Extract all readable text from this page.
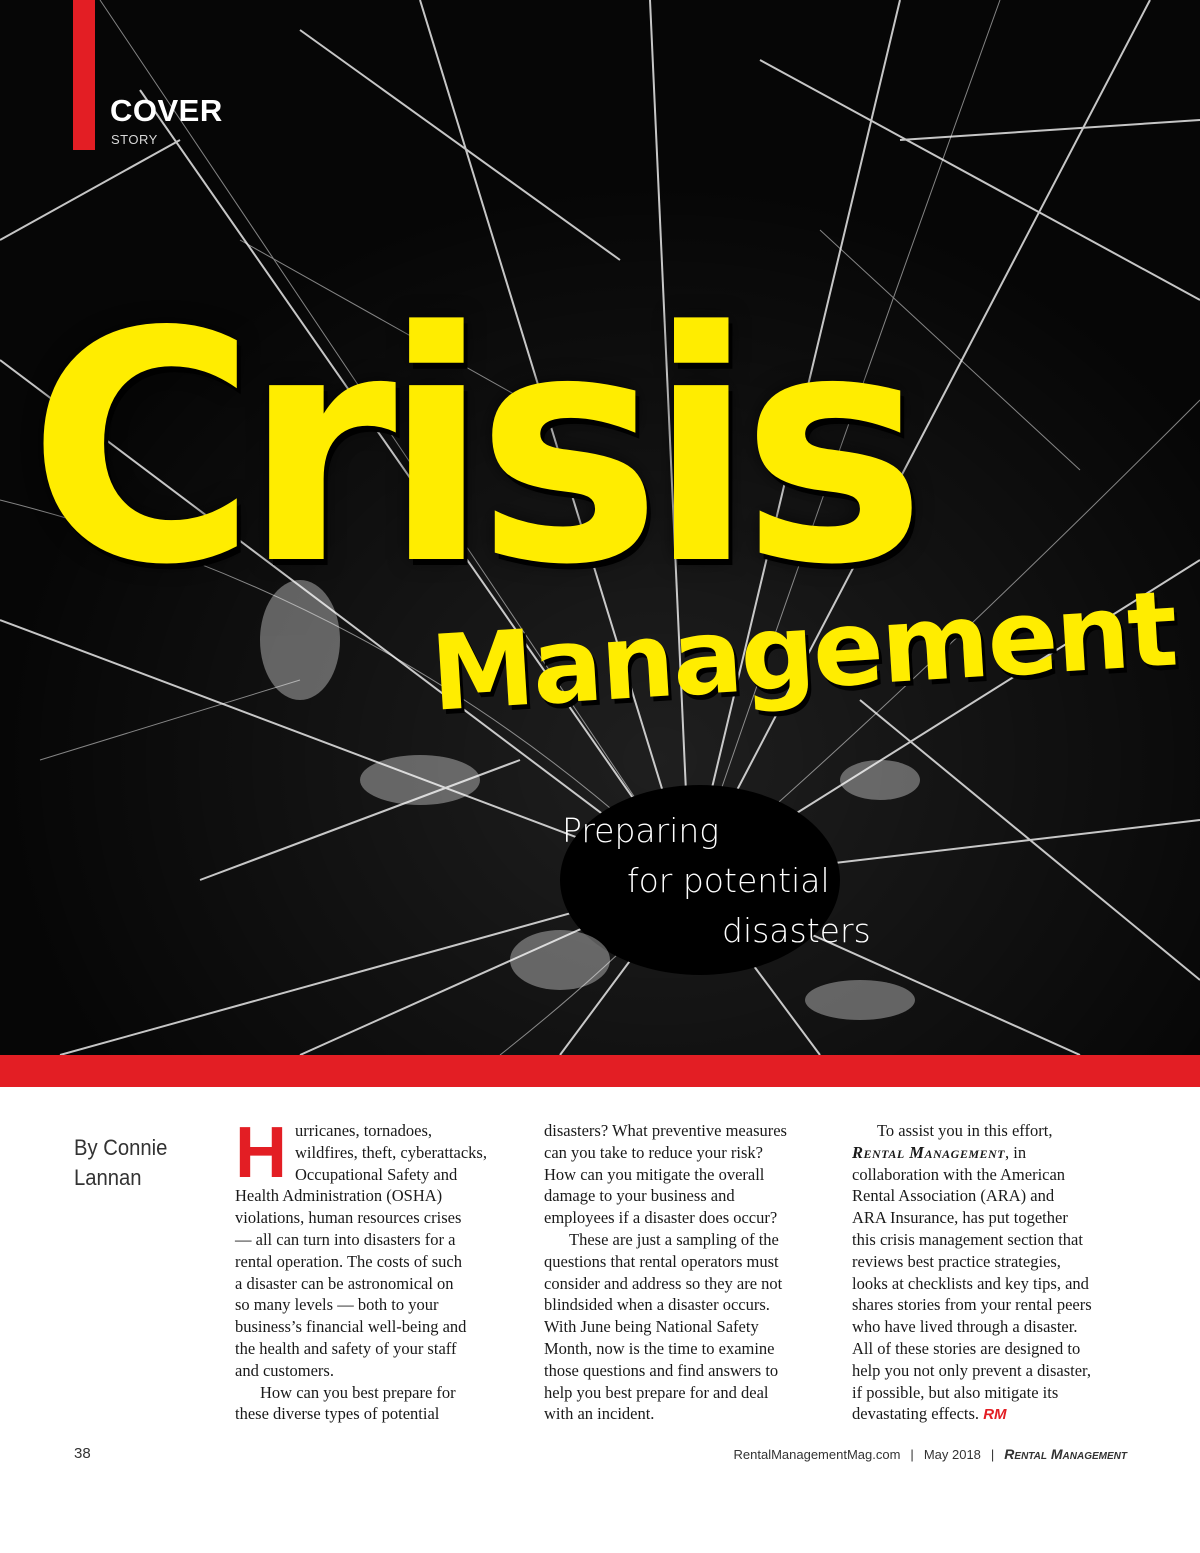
COVER
STORY
Crisis
Management
Preparing
for potential
disasters
By Connie
Lannan	H urricanes, tornadoes,
wildfires, theft, cyberattacks,
Occupational Safety and
Health Administration (OSHA)
violations, human resources crises
— all can turn into disasters for a
rental operation. The costs of such
a disaster can be astronomical on
so many levels — both to your
business’s financial well-being and
the health and safety of your staff
and customers.
How can you best prepare for
these diverse types of potential
disasters? What preventive measures
can you take to reduce your risk?
How can you mitigate the overall
damage to your business and
employees if a disaster does occur?
These are just a sampling of the
questions that rental operators must
consider and address so they are not
blindsided when a disaster occurs.
With June being National Safety
Month, now is the time to examine
those questions and find answers to
help you best prepare for and deal
with an incident.
To assist you in this effort,
Rental Management, in
collaboration with the American
Rental Association (ARA) and
ARA Insurance, has put together
this crisis management section that
reviews best practice strategies,
looks at checklists and key tips, and
shares stories from your rental peers
who have lived through a disaster.
All of these stories are designed to
help you not only prevent a disaster,
if possible, but also mitigate its
devastating effects. RM
38	RentalManagementMag.com | May 2018 | Rental Management
